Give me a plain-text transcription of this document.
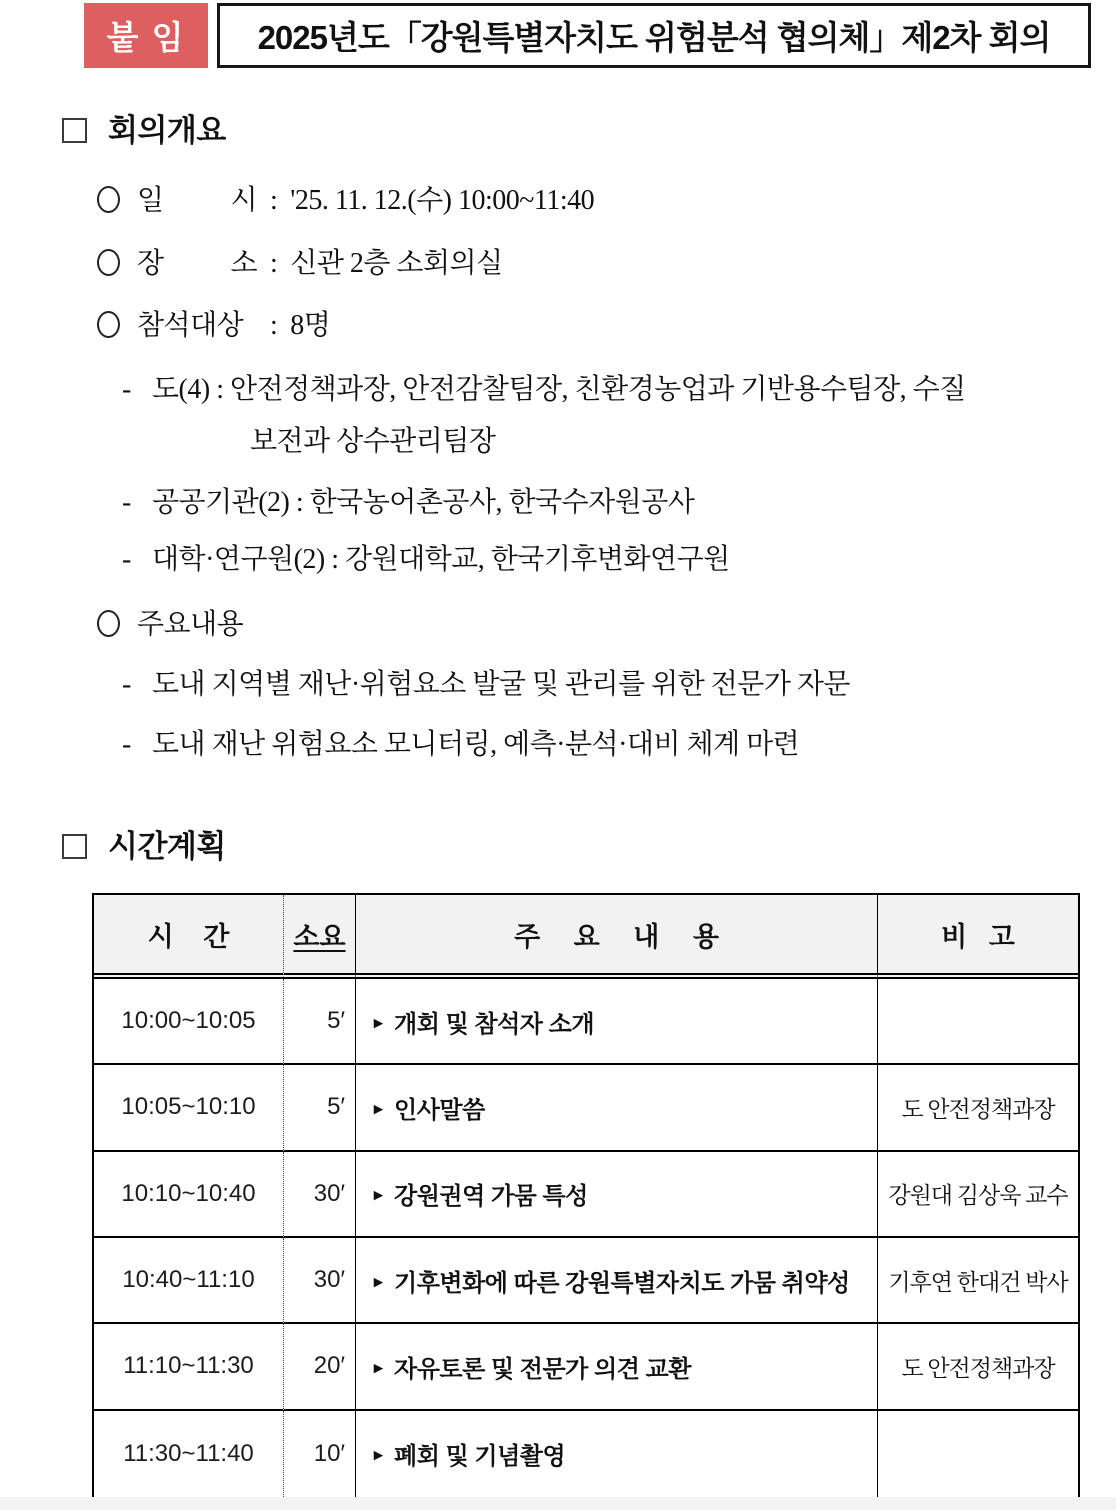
붙 임	2025년도「강원특별자치도 위험분석 협의체」제2차 회의
회의개요
일 시 : '25. 11. 12.(수) 10:00~11:40
장 소 : 신관 2층 소회의실
참석대상 : 8명
- 도(4) : 안전정책과장, 안전감찰팀장, 친환경농업과 기반용수팀장, 수질
보전과 상수관리팀장
- 공공기관(2) : 한국농어촌공사, 한국수자원공사
- 대학·연구원(2) : 강원대학교, 한국기후변화연구원
주요내용
- 도내 지역별 재난·위험요소 발굴 및 관리를 위한 전문가 자문
- 도내 재난 위험요소 모니터링, 예측·분석·대비 체계 마련
시간계획
시 간	소요	주 요 내 용	비 고
10:00~10:05	5′	▸ 개회 및 참석자 소개
10:05~10:10	5′	▸ 인사말씀	도 안전정책과장
10:10~10:40	30′	▸ 강원권역 가뭄 특성	강원대 김상욱 교수
10:40~11:10	30′	▸ 기후변화에 따른 강원특별자치도 가뭄 취약성	기후연 한대건 박사
11:10~11:30	20′	▸ 자유토론 및 전문가 의견 교환	도 안전정책과장
11:30~11:40	10′	▸ 폐회 및 기념촬영
